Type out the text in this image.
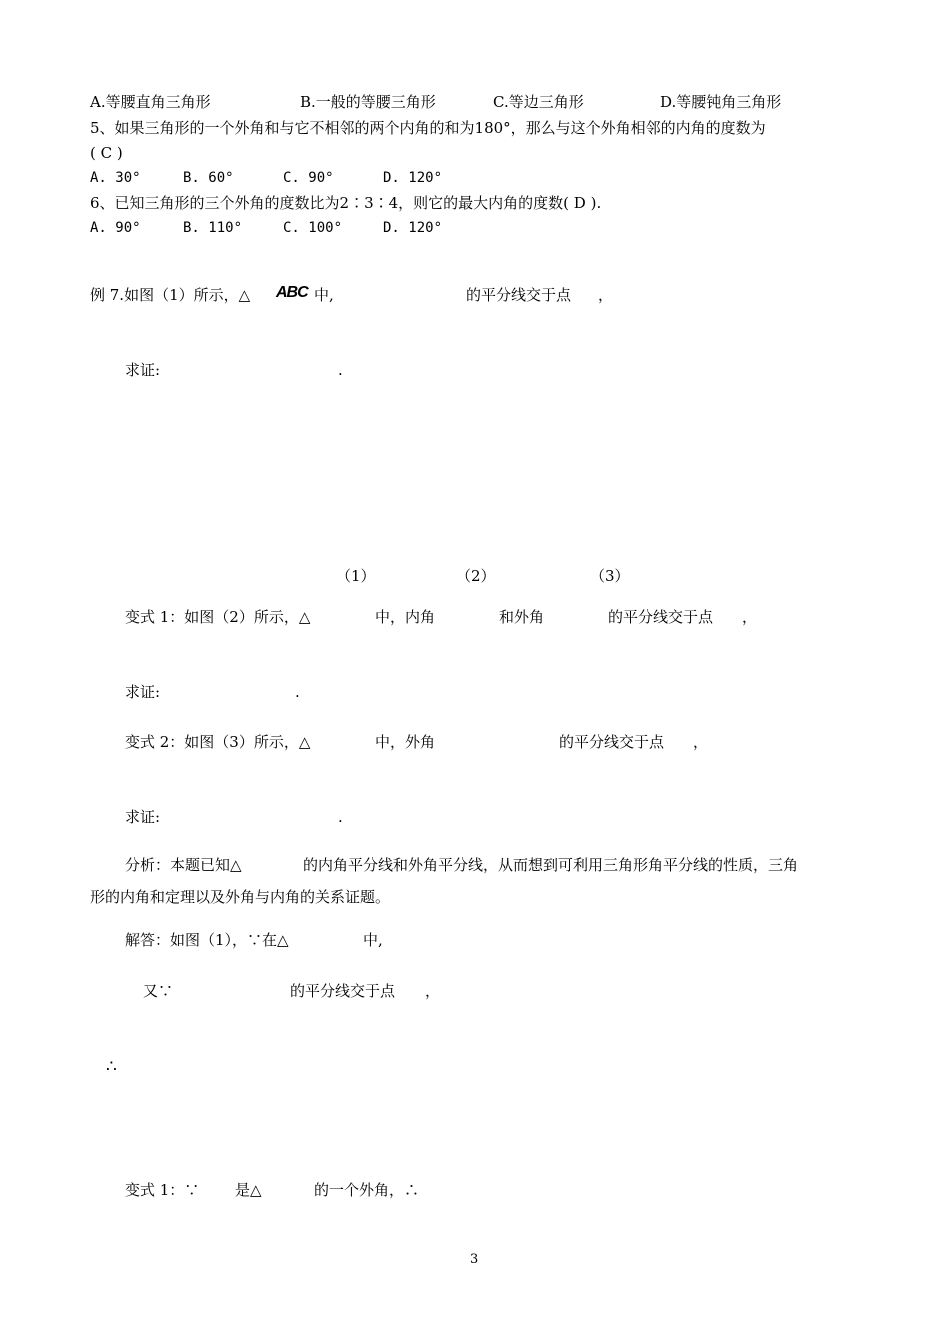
A.等腰直角三角形	B.一般的等腰三角形	C.等边三角形	D.等腰钝角三角形
5、如果三角形的一个外角和与它不相邻的两个内角的和为180°，那么与这个外角相邻的内角的度数为
( C )
A. 30°	B. 60°	C. 90°	D. 120°
6、已知三角形的三个外角的度数比为2∶3∶4，则它的最大内角的度数( D ).
A. 90°	B. 110°	C. 100°	D. 120°
例 7.如图（1）所示，△ ABC 中,	的平分线交于点 ，
求证:	.
（1）	（2）	（3）
变式 1：如图（2）所示，△	中，内角	和外角	的平分线交于点 ，
求证:	.
变式 2：如图（3）所示，△	中，外角	的平分线交于点 ，
求证:	.
分析：本题已知△	的内角平分线和外角平分线，从而想到可利用三角形角平分线的性质，三角
形的内角和定理以及外角与内角的关系证题。
解答：如图（1），∵在△	中,
又∵	的平分线交于点 ，
∴
变式 1：∵ 是△	的一个外角，∴
3
